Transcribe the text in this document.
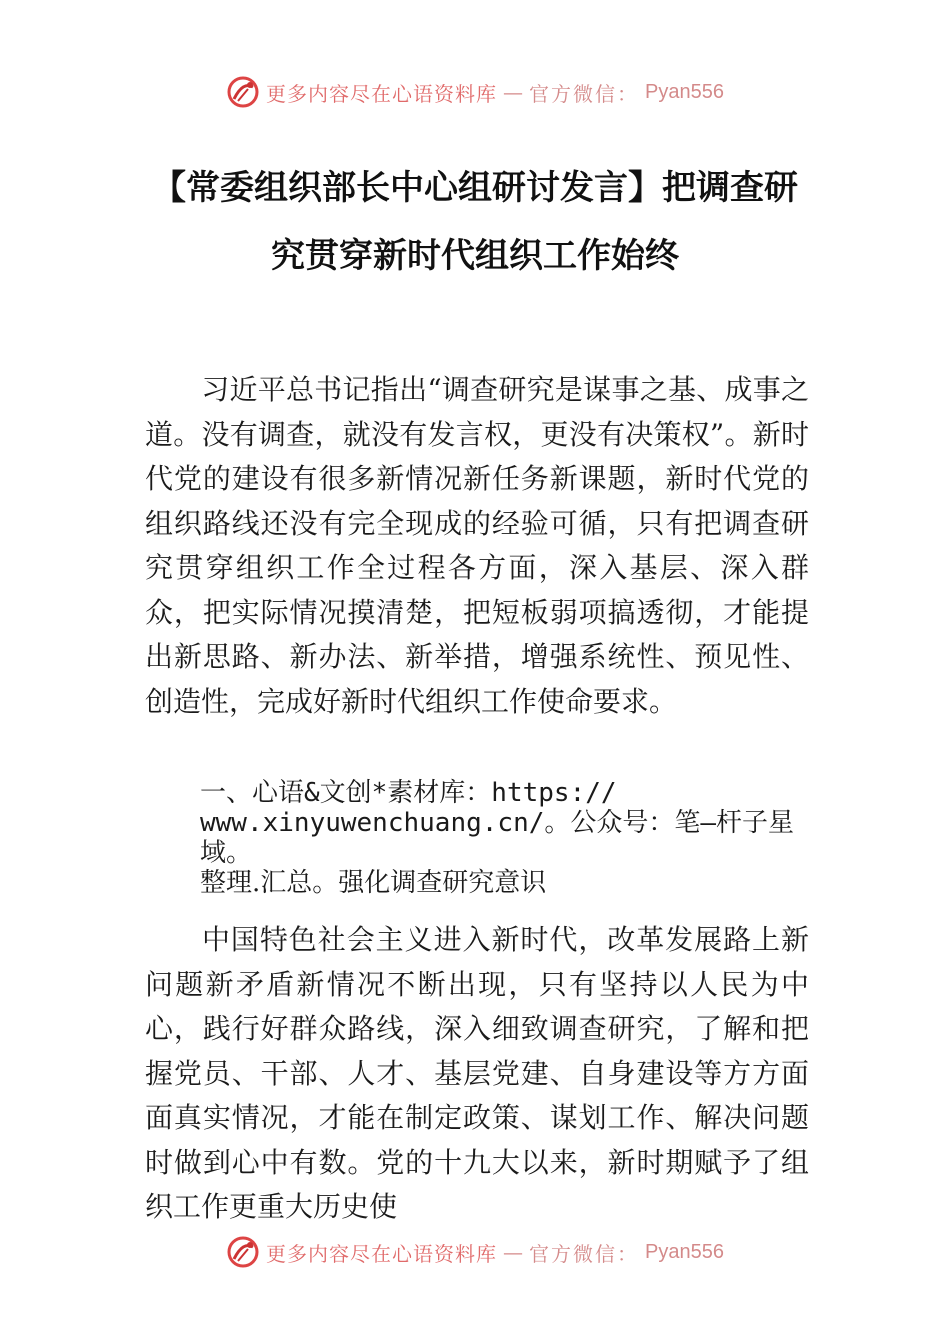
更多内容尽在心语资料库 — 官方微信： Pyan556
【常委组织部长中心组研讨发言】把调查研
究贯穿新时代组织工作始终

习近平总书记指出“调查研究是谋事之基、成事之道。没有调查，就没有发言权，更没有决策权”。新时代党的建设有很多新情况新任务新课题，新时代党的组织路线还没有完全现成的经验可循，只有把调查研究贯穿组织工作全过程各方面，深入基层、深入群众，把实际情况摸清楚，把短板弱项搞透彻，才能提出新思路、新办法、新举措，增强系统性、预见性、创造性，完成好新时代组织工作使命要求。

一、心语&文创*素材库：https://
www.xinyuwenchuang.cn/。公众号：笔—杆子星域。
整理.汇总。强化调查研究意识

中国特色社会主义进入新时代，改革发展路上新问题新矛盾新情况不断出现，只有坚持以人民为中心，践行好群众路线，深入细致调查研究，了解和把握党员、干部、人才、基层党建、自身建设等方方面面真实情况，才能在制定政策、谋划工作、解决问题时做到心中有数。党的十九大以来，新时期赋予了组织工作更重大历史使

更多内容尽在心语资料库 — 官方微信： Pyan556
